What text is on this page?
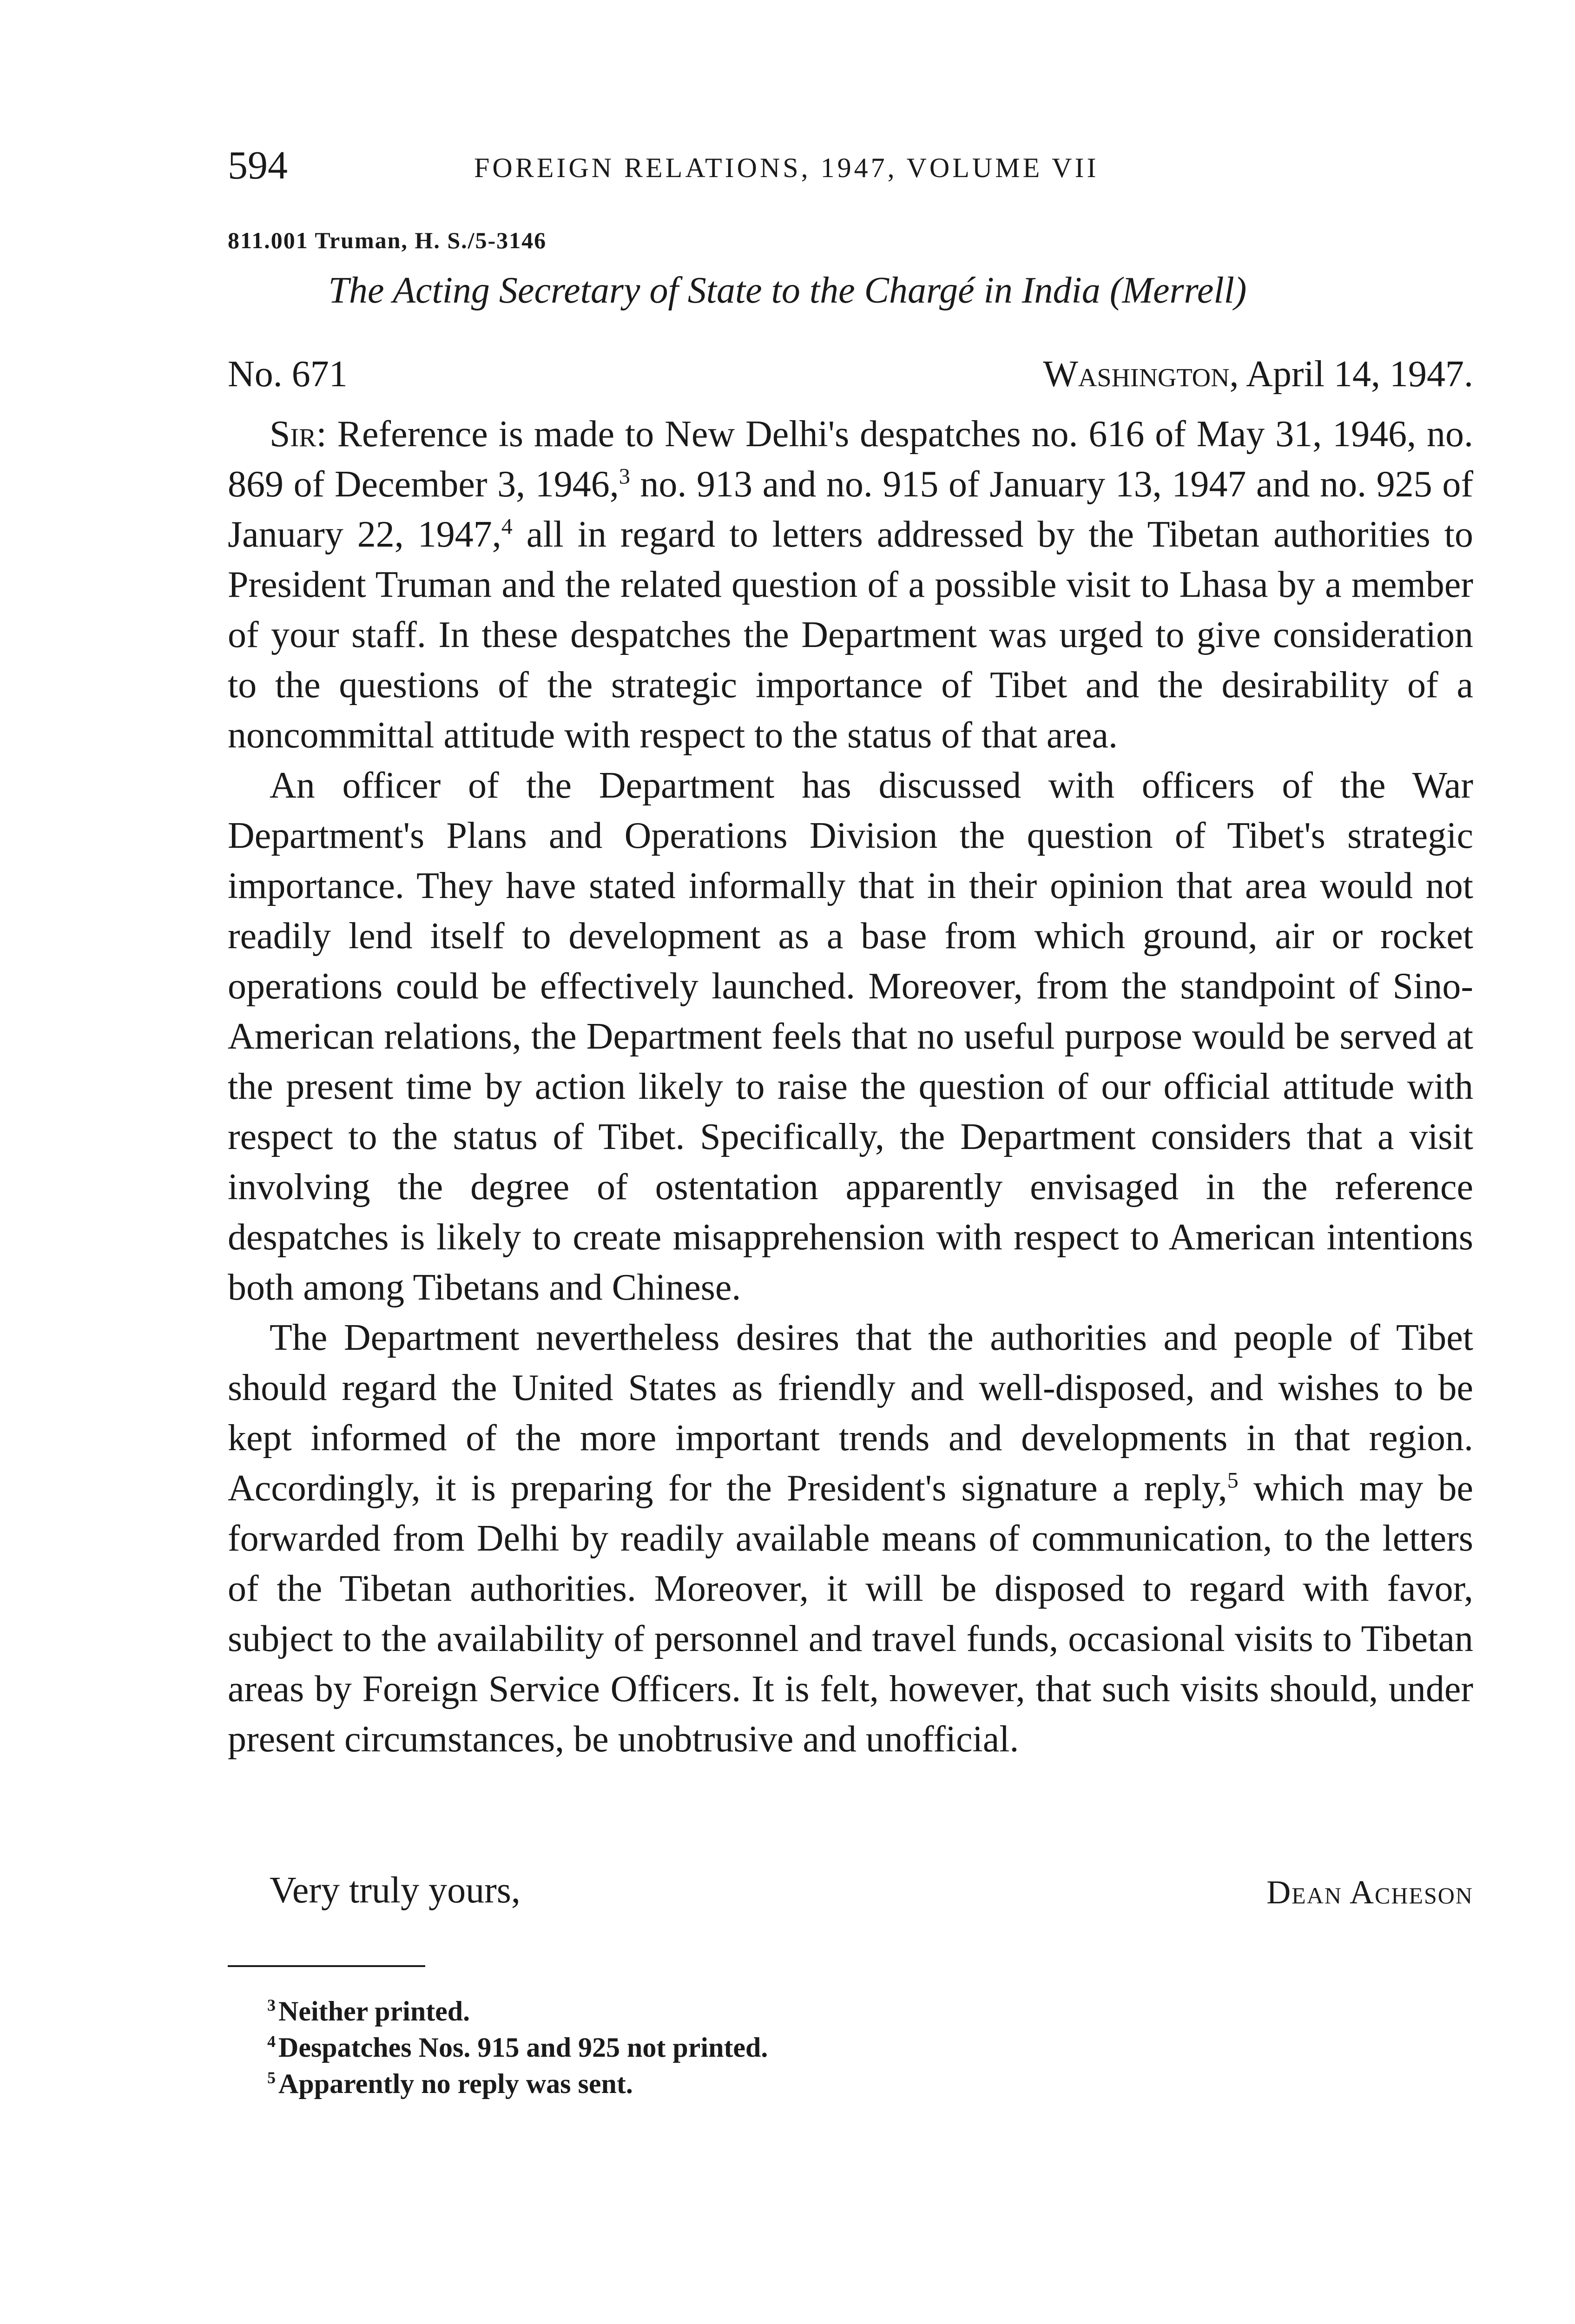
594	FOREIGN RELATIONS, 1947, VOLUME VII
811.001 Truman, H. S./5-3146
The Acting Secretary of State to the Chargé in India (Merrell)
No. 671	Washington, April 14, 1947.

Sir: Reference is made to New Delhi's despatches no. 616 of May 31, 1946, no. 869 of December 3, 1946,$^3$ no. 913 and no. 915 of January 13, 1947 and no. 925 of January 22, 1947,$^4$ all in regard to letters addressed by the Tibetan authorities to President Truman and the related question of a possible visit to Lhasa by a member of your staff. In these despatches the Department was urged to give consideration to the questions of the strategic importance of Tibet and the desirability of a noncommittal attitude with respect to the status of that area.

An officer of the Department has discussed with officers of the War Department's Plans and Operations Division the question of Tibet's strategic importance. They have stated informally that in their opinion that area would not readily lend itself to development as a base from which ground, air or rocket operations could be effectively launched. Moreover, from the standpoint of Sino-American relations, the Department feels that no useful purpose would be served at the present time by action likely to raise the question of our official attitude with respect to the status of Tibet. Specifically, the Department considers that a visit involving the degree of ostentation apparently envisaged in the reference despatches is likely to create misapprehension with respect to American intentions both among Tibetans and Chinese.

The Department nevertheless desires that the authorities and people of Tibet should regard the United States as friendly and well-disposed, and wishes to be kept informed of the more important trends and developments in that region. Accordingly, it is preparing for the President's signature a reply,$^5$ which may be forwarded from Delhi by readily available means of communication, to the letters of the Tibetan authorities. Moreover, it will be disposed to regard with favor, subject to the availability of personnel and travel funds, occasional visits to Tibetan areas by Foreign Service Officers. It is felt, however, that such visits should, under present circumstances, be unobtrusive and unofficial.

Very truly yours,	Dean Acheson
$^3$ Neither printed.
$^4$ Despatches Nos. 915 and 925 not printed.
$^5$ Apparently no reply was sent.
